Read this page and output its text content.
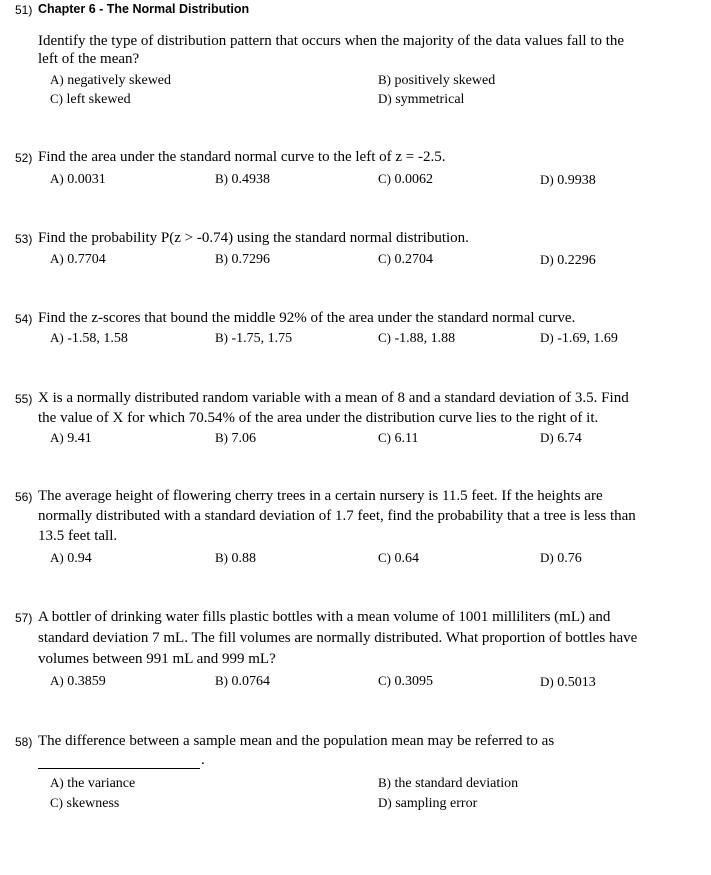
51) Chapter 6 - The Normal Distribution
Identify the type of distribution pattern that occurs when the majority of the data values fall to the
left of the mean?
A) negatively skewed	B) positively skewed
C) left skewed	D) symmetrical
52) Find the area under the standard normal curve to the left of z = -2.5.
A) 0.0031	B) 0.4938	C) 0.0062	D) 0.9938
53) Find the probability P(z > -0.74) using the standard normal distribution.
A) 0.7704	B) 0.7296	C) 0.2704	D) 0.2296
54) Find the z-scores that bound the middle 92% of the area under the standard normal curve.
A) -1.58, 1.58	B) -1.75, 1.75	C) -1.88, 1.88	D) -1.69, 1.69
55) X is a normally distributed random variable with a mean of 8 and a standard deviation of 3.5. Find
the value of X for which 70.54% of the area under the distribution curve lies to the right of it.
A) 9.41	B) 7.06	C) 6.11	D) 6.74
56) The average height of flowering cherry trees in a certain nursery is 11.5 feet. If the heights are
normally distributed with a standard deviation of 1.7 feet, find the probability that a tree is less than
13.5 feet tall.
A) 0.94	B) 0.88	C) 0.64	D) 0.76
57) A bottler of drinking water fills plastic bottles with a mean volume of 1001 milliliters (mL) and
standard deviation 7 mL. The fill volumes are normally distributed. What proportion of bottles have
volumes between 991 mL and 999 mL?
A) 0.3859	B) 0.0764	C) 0.3095	D) 0.5013
58) The difference between a sample mean and the population mean may be referred to as
.
A) the variance	B) the standard deviation
C) skewness	D) sampling error
